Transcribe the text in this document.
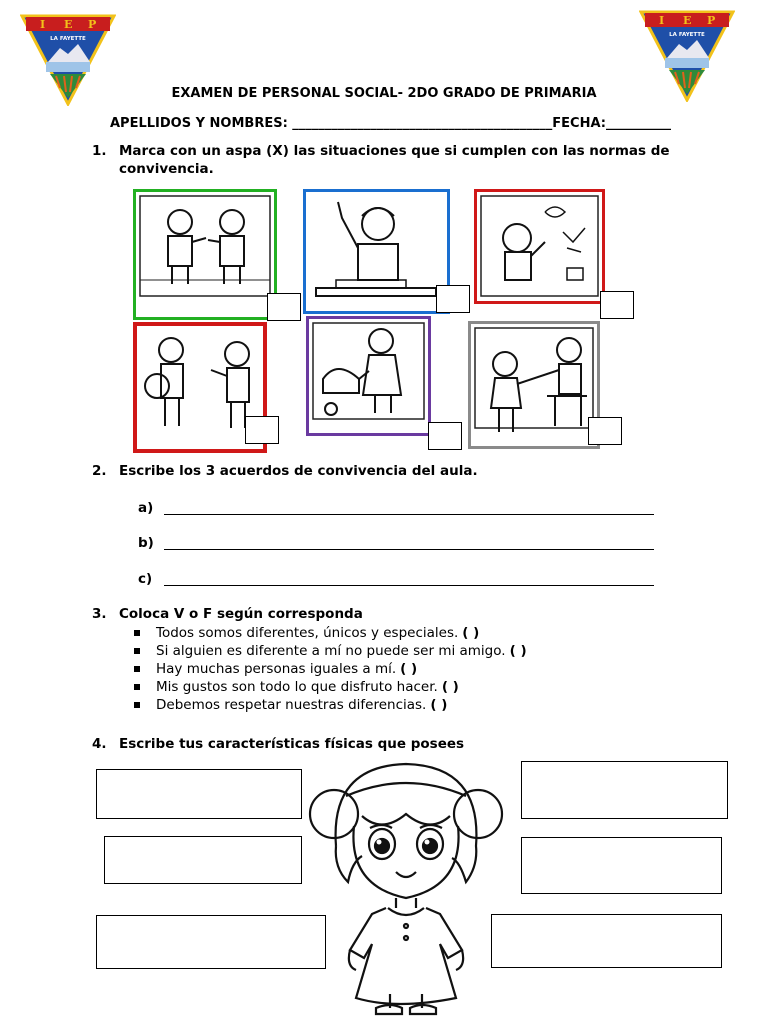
I E P
LA FAYETTE
I E P
LA FAYETTE
EXAMEN DE PERSONAL SOCIAL- 2DO GRADO DE PRIMARIA
APELLIDOS Y NOMBRES: ________________________________________FECHA:__________
1. Marca con un aspa (X) las situaciones que si cumplen con las normas de
convivencia.
2. Escribe los 3 acuerdos de convivencia del aula.
a)
b)
c)
3. Coloca V o F según corresponda
Todos somos diferentes, únicos y especiales. ( )
Si alguien es diferente a mí no puede ser mi amigo. ( )
Hay muchas personas iguales a mí. ( )
Mis gustos son todo lo que disfruto hacer. ( )
Debemos respetar nuestras diferencias. ( )
4. Escribe tus características físicas que posees
